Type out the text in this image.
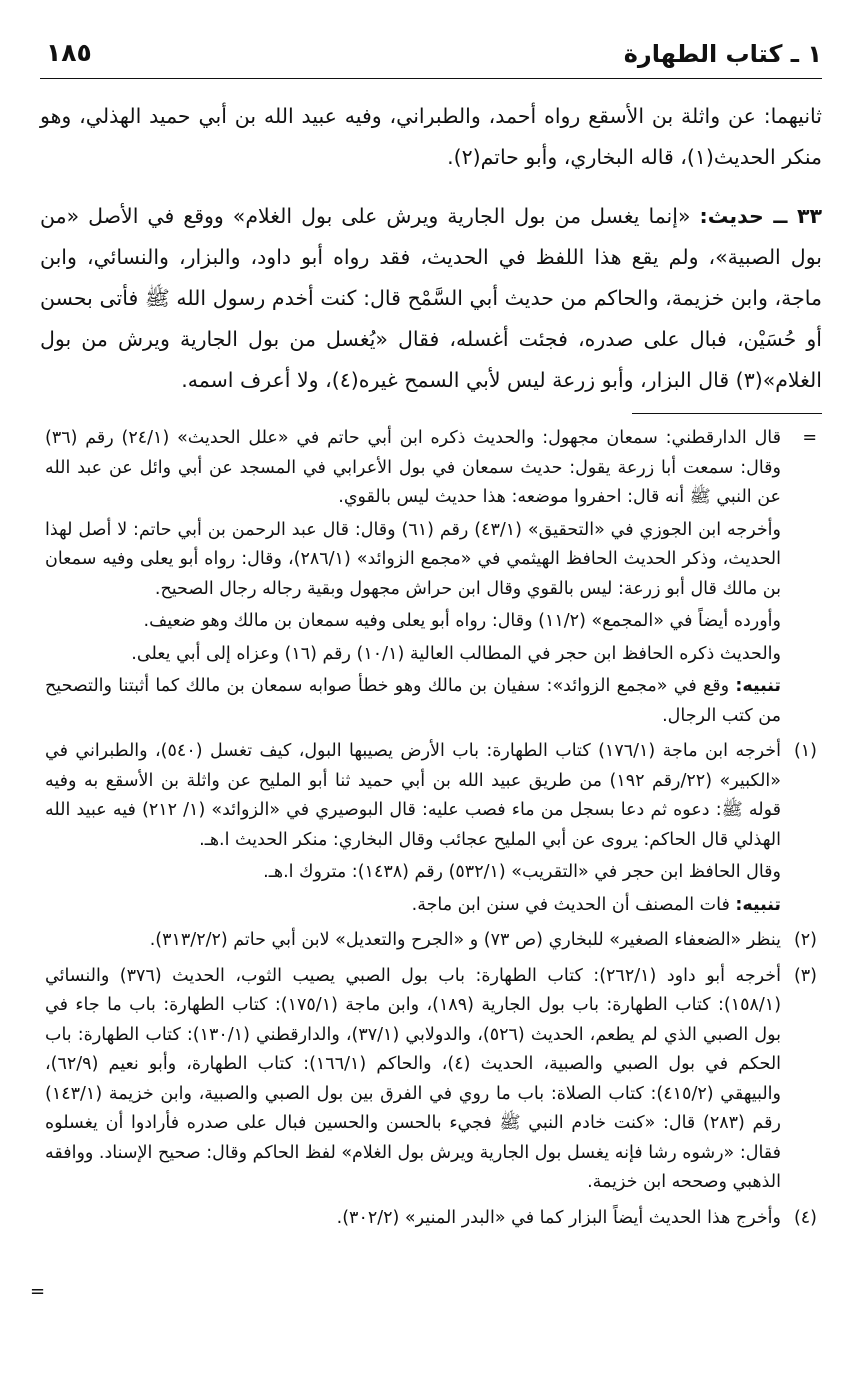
١ ـ كتاب الطهارة
١٨٥

ثانيهما: عن واثلة بن الأسقع رواه أحمد، والطبراني، وفيه عبيد الله بن أبي حميد الهذلي، وهو منكر الحديث(١)، قاله البخاري، وأبو حاتم(٢).

٣٣ ــ حديث: «إنما يغسل من بول الجارية ويرش على بول الغلام» ووقع في الأصل «من بول الصبية»، ولم يقع هذا اللفظ في الحديث، فقد رواه أبو داود، والبزار، والنسائي، وابن ماجة، وابن خزيمة، والحاكم من حديث أبي السَّمْح قال: كنت أخدم رسول الله ﷺ فأتى بحسن أو حُسَيْن، فبال على صدره، فجئت أغسله، فقال «يُغسل من بول الجارية ويرش من بول الغلام»(٣) قال البزار، وأبو زرعة ليس لأبي السمح غيره(٤)، ولا أعرف اسمه.

=

قال الدارقطني: سمعان مجهول: والحديث ذكره ابن أبي حاتم في «علل الحديث» (٢٤/١) رقم (٣٦) وقال: سمعت أبا زرعة يقول: حديث سمعان في بول الأعرابي في المسجد عن أبي وائل عن عبد الله عن النبي ﷺ أنه قال: احفروا موضعه: هذا حديث ليس بالقوي.

وأخرجه ابن الجوزي في «التحقيق» (٤٣/١) رقم (٦١) وقال: قال عبد الرحمن بن أبي حاتم: لا أصل لهذا الحديث، وذكر الحديث الحافظ الهيثمي في «مجمع الزوائد» (٢٨٦/١)، وقال: رواه أبو يعلى وفيه سمعان بن مالك قال أبو زرعة: ليس بالقوي وقال ابن حراش مجهول وبقية رجاله رجال الصحيح.

وأورده أيضاً في «المجمع» (١١/٢) وقال: رواه أبو يعلى وفيه سمعان بن مالك وهو ضعيف.

والحديث ذكره الحافظ ابن حجر في المطالب العالية (١٠/١) رقم (١٦) وعزاه إلى أبي يعلى.

تنبيه: وقع في «مجمع الزوائد»: سفيان بن مالك وهو خطأ صوابه سمعان بن مالك كما أثبتنا والتصحيح من كتب الرجال.

(١)

أخرجه ابن ماجة (١٧٦/١) كتاب الطهارة: باب الأرض يصيبها البول، كيف تغسل (٥٤٠)، والطبراني في «الكبير» (٢٢/رقم ١٩٢) من طريق عبيد الله بن أبي حميد ثنا أبو المليح عن واثلة بن الأسقع به وفيه قوله ﷺ: دعوه ثم دعا بسجل من ماء فصب عليه: قال البوصيري في «الزوائد» (١/ ٢١٢) فيه عبيد الله الهذلي قال الحاكم: يروى عن أبي المليح عجائب وقال البخاري: منكر الحديث ا.هـ.

وقال الحافظ ابن حجر في «التقريب» (٥٣٢/١) رقم (١٤٣٨): متروك ا.هـ.

تنبيه: فات المصنف أن الحديث في سنن ابن ماجة.

(٢)

ينظر «الضعفاء الصغير» للبخاري (ص ٧٣) و «الجرح والتعديل» لابن أبي حاتم (٣١٣/٢/٢).

(٣)

أخرجه أبو داود (٢٦٢/١): كتاب الطهارة: باب بول الصبي يصيب الثوب، الحديث (٣٧٦) والنسائي (١٥٨/١): كتاب الطهارة: باب بول الجارية (١٨٩)، وابن ماجة (١٧٥/١): كتاب الطهارة: باب ما جاء في بول الصبي الذي لم يطعم، الحديث (٥٢٦)، والدولابي (٣٧/١)، والدارقطني (١٣٠/١): كتاب الطهارة: باب الحكم في بول الصبي والصبية، الحديث (٤)، والحاكم (١٦٦/١): كتاب الطهارة، وأبو نعيم (٦٢/٩)، والبيهقي (٤١٥/٢): كتاب الصلاة: باب ما روي في الفرق بين بول الصبي والصبية، وابن خزيمة (١٤٣/١) رقم (٢٨٣) قال: «كنت خادم النبي ﷺ فجيء بالحسن والحسين فبال على صدره فأرادوا أن يغسلوه فقال: «رشوه رشا فإنه يغسل بول الجارية ويرش بول الغلام» لفظ الحاكم وقال: صحيح الإسناد. ووافقه الذهبي وصححه ابن خزيمة.

(٤)

وأخرج هذا الحديث أيضاً البزار كما في «البدر المنير» (٣٠٢/٢).

=
